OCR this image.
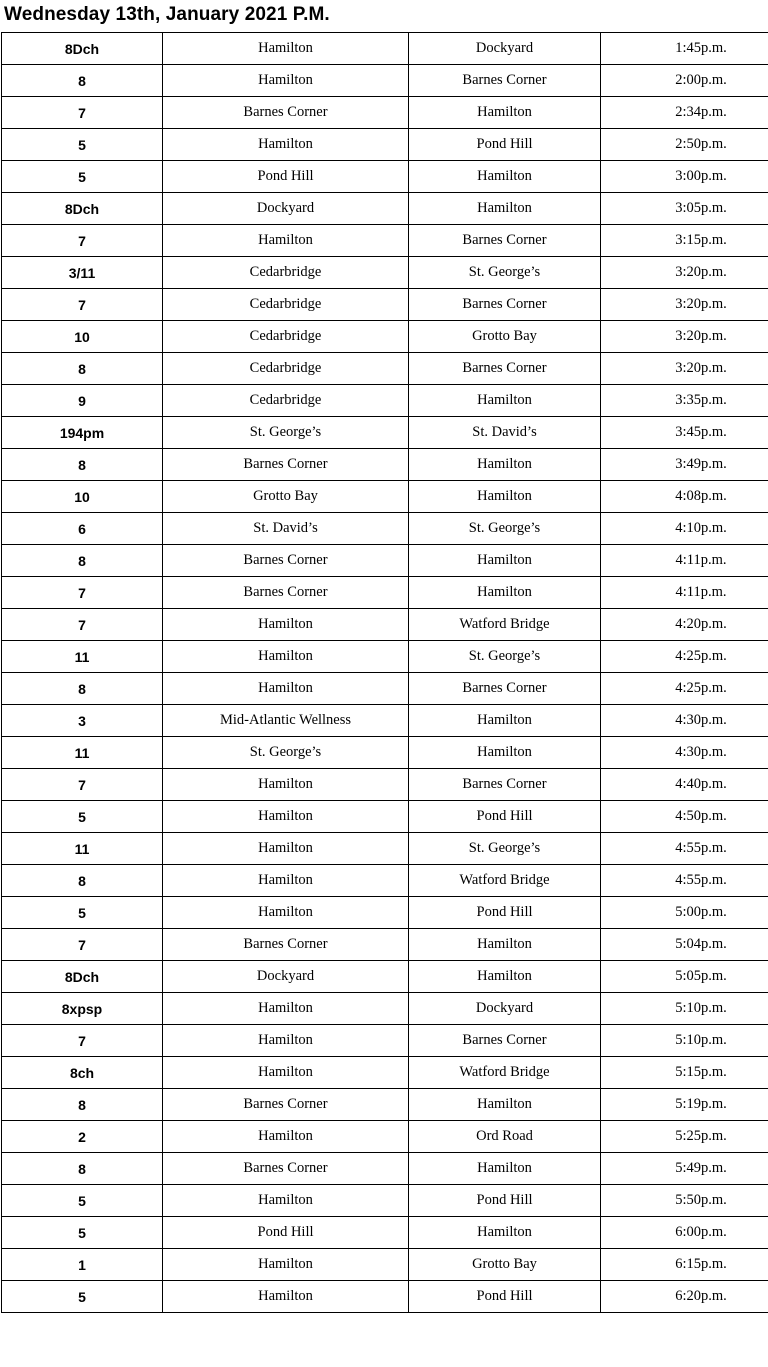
Wednesday 13th, January 2021 P.M.
8Dch	Hamilton	Dockyard	1:45p.m.
8	Hamilton	Barnes Corner	2:00p.m.
7	Barnes Corner	Hamilton	2:34p.m.
5	Hamilton	Pond Hill	2:50p.m.
5	Pond Hill	Hamilton	3:00p.m.
8Dch	Dockyard	Hamilton	3:05p.m.
7	Hamilton	Barnes Corner	3:15p.m.
3/11	Cedarbridge	St. George’s	3:20p.m.
7	Cedarbridge	Barnes Corner	3:20p.m.
10	Cedarbridge	Grotto Bay	3:20p.m.
8	Cedarbridge	Barnes Corner	3:20p.m.
9	Cedarbridge	Hamilton	3:35p.m.
194pm	St. George’s	St. David’s	3:45p.m.
8	Barnes Corner	Hamilton	3:49p.m.
10	Grotto Bay	Hamilton	4:08p.m.
6	St. David’s	St. George’s	4:10p.m.
8	Barnes Corner	Hamilton	4:11p.m.
7	Barnes Corner	Hamilton	4:11p.m.
7	Hamilton	Watford Bridge	4:20p.m.
11	Hamilton	St. George’s	4:25p.m.
8	Hamilton	Barnes Corner	4:25p.m.
3	Mid-Atlantic Wellness	Hamilton	4:30p.m.
11	St. George’s	Hamilton	4:30p.m.
7	Hamilton	Barnes Corner	4:40p.m.
5	Hamilton	Pond Hill	4:50p.m.
11	Hamilton	St. George’s	4:55p.m.
8	Hamilton	Watford Bridge	4:55p.m.
5	Hamilton	Pond Hill	5:00p.m.
7	Barnes Corner	Hamilton	5:04p.m.
8Dch	Dockyard	Hamilton	5:05p.m.
8xpsp	Hamilton	Dockyard	5:10p.m.
7	Hamilton	Barnes Corner	5:10p.m.
8ch	Hamilton	Watford Bridge	5:15p.m.
8	Barnes Corner	Hamilton	5:19p.m.
2	Hamilton	Ord Road	5:25p.m.
8	Barnes Corner	Hamilton	5:49p.m.
5	Hamilton	Pond Hill	5:50p.m.
5	Pond Hill	Hamilton	6:00p.m.
1	Hamilton	Grotto Bay	6:15p.m.
5	Hamilton	Pond Hill	6:20p.m.
